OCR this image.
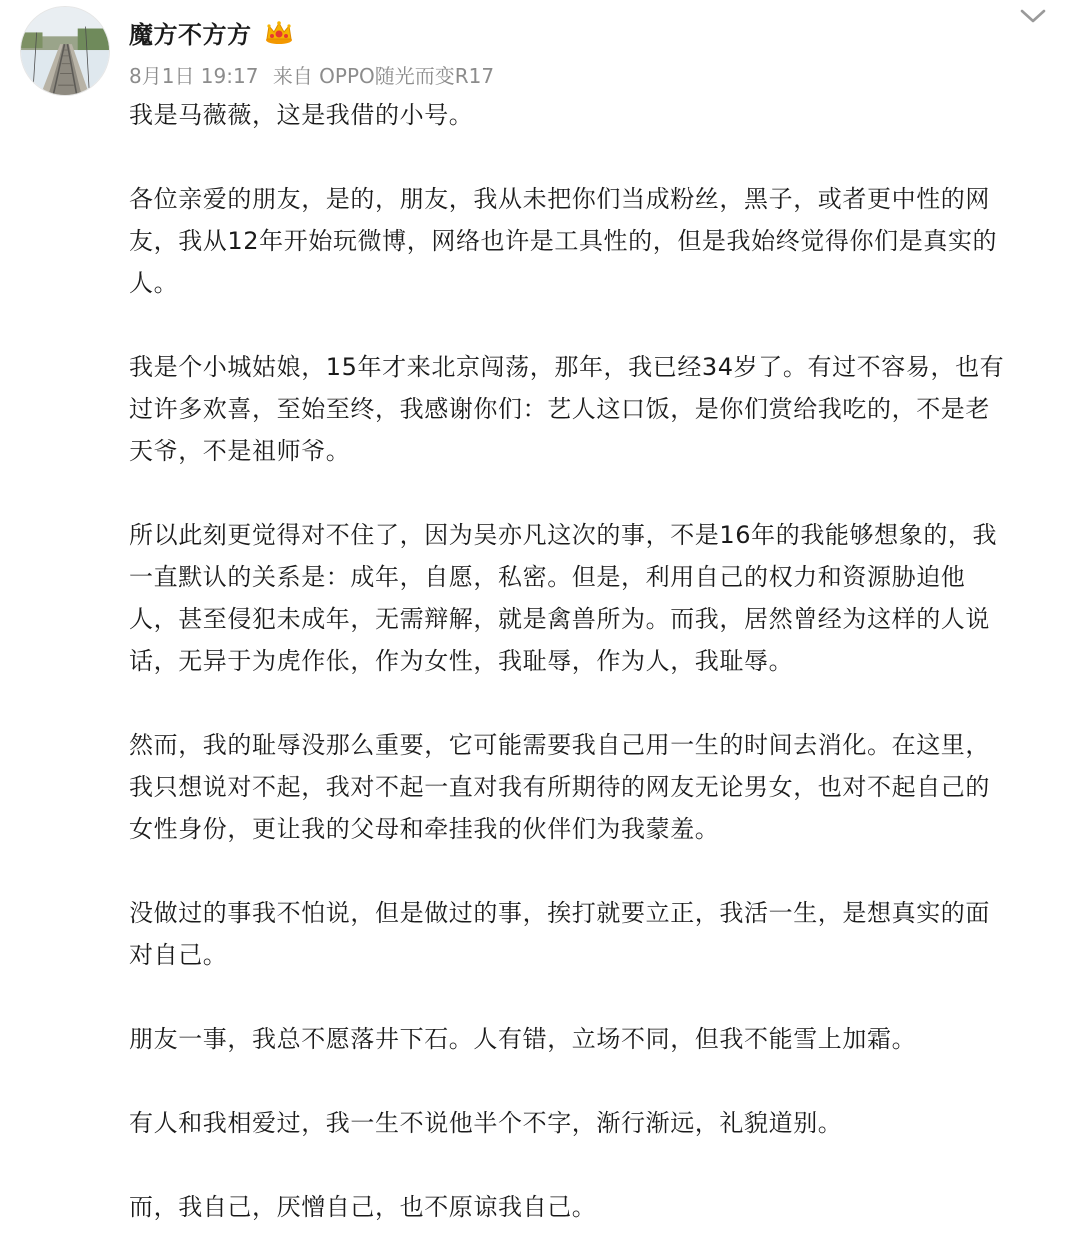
魔方不方方
8月1日 19:17 来自 OPPO随光而变R17

我是马薇薇，这是我借的小号。

各位亲爱的朋友，是的，朋友，我从未把你们当成粉丝，黑子，或者更中性的网
友，我从12年开始玩微博，网络也许是工具性的，但是我始终觉得你们是真实的
人。

我是个小城姑娘，15年才来北京闯荡，那年，我已经34岁了。有过不容易，也有
过许多欢喜，至始至终，我感谢你们：艺人这口饭，是你们赏给我吃的，不是老
天爷，不是祖师爷。

所以此刻更觉得对不住了，因为吴亦凡这次的事，不是16年的我能够想象的，我
一直默认的关系是：成年，自愿，私密。但是，利用自己的权力和资源胁迫他
人，甚至侵犯未成年，无需辩解，就是禽兽所为。而我，居然曾经为这样的人说
话，无异于为虎作伥，作为女性，我耻辱，作为人，我耻辱。

然而，我的耻辱没那么重要，它可能需要我自己用一生的时间去消化。在这里，
我只想说对不起，我对不起一直对我有所期待的网友无论男女，也对不起自己的
女性身份，更让我的父母和牵挂我的伙伴们为我蒙羞。

没做过的事我不怕说，但是做过的事，挨打就要立正，我活一生，是想真实的面
对自己。

朋友一事，我总不愿落井下石。人有错，立场不同，但我不能雪上加霜。

有人和我相爱过，我一生不说他半个不字，渐行渐远，礼貌道别。

而，我自己，厌憎自己，也不原谅我自己。
